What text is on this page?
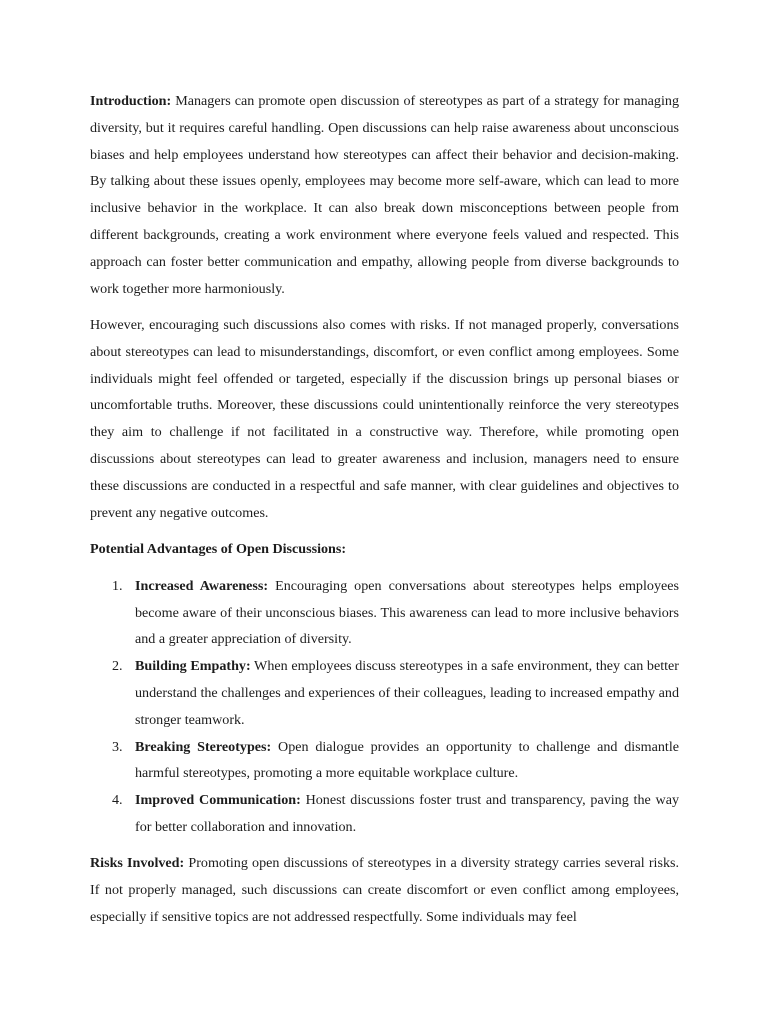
Introduction: Managers can promote open discussion of stereotypes as part of a strategy for managing diversity, but it requires careful handling. Open discussions can help raise awareness about unconscious biases and help employees understand how stereotypes can affect their behavior and decision-making. By talking about these issues openly, employees may become more self-aware, which can lead to more inclusive behavior in the workplace. It can also break down misconceptions between people from different backgrounds, creating a work environment where everyone feels valued and respected. This approach can foster better communication and empathy, allowing people from diverse backgrounds to work together more harmoniously.

However, encouraging such discussions also comes with risks. If not managed properly, conversations about stereotypes can lead to misunderstandings, discomfort, or even conflict among employees. Some individuals might feel offended or targeted, especially if the discussion brings up personal biases or uncomfortable truths. Moreover, these discussions could unintentionally reinforce the very stereotypes they aim to challenge if not facilitated in a constructive way. Therefore, while promoting open discussions about stereotypes can lead to greater awareness and inclusion, managers need to ensure these discussions are conducted in a respectful and safe manner, with clear guidelines and objectives to prevent any negative outcomes.

Potential Advantages of Open Discussions:
1. Increased Awareness: Encouraging open conversations about stereotypes helps employees become aware of their unconscious biases. This awareness can lead to more inclusive behaviors and a greater appreciation of diversity.
2. Building Empathy: When employees discuss stereotypes in a safe environment, they can better understand the challenges and experiences of their colleagues, leading to increased empathy and stronger teamwork.
3. Breaking Stereotypes: Open dialogue provides an opportunity to challenge and dismantle harmful stereotypes, promoting a more equitable workplace culture.
4. Improved Communication: Honest discussions foster trust and transparency, paving the way for better collaboration and innovation.

Risks Involved: Promoting open discussions of stereotypes in a diversity strategy carries several risks. If not properly managed, such discussions can create discomfort or even conflict among employees, especially if sensitive topics are not addressed respectfully. Some individuals may feel
